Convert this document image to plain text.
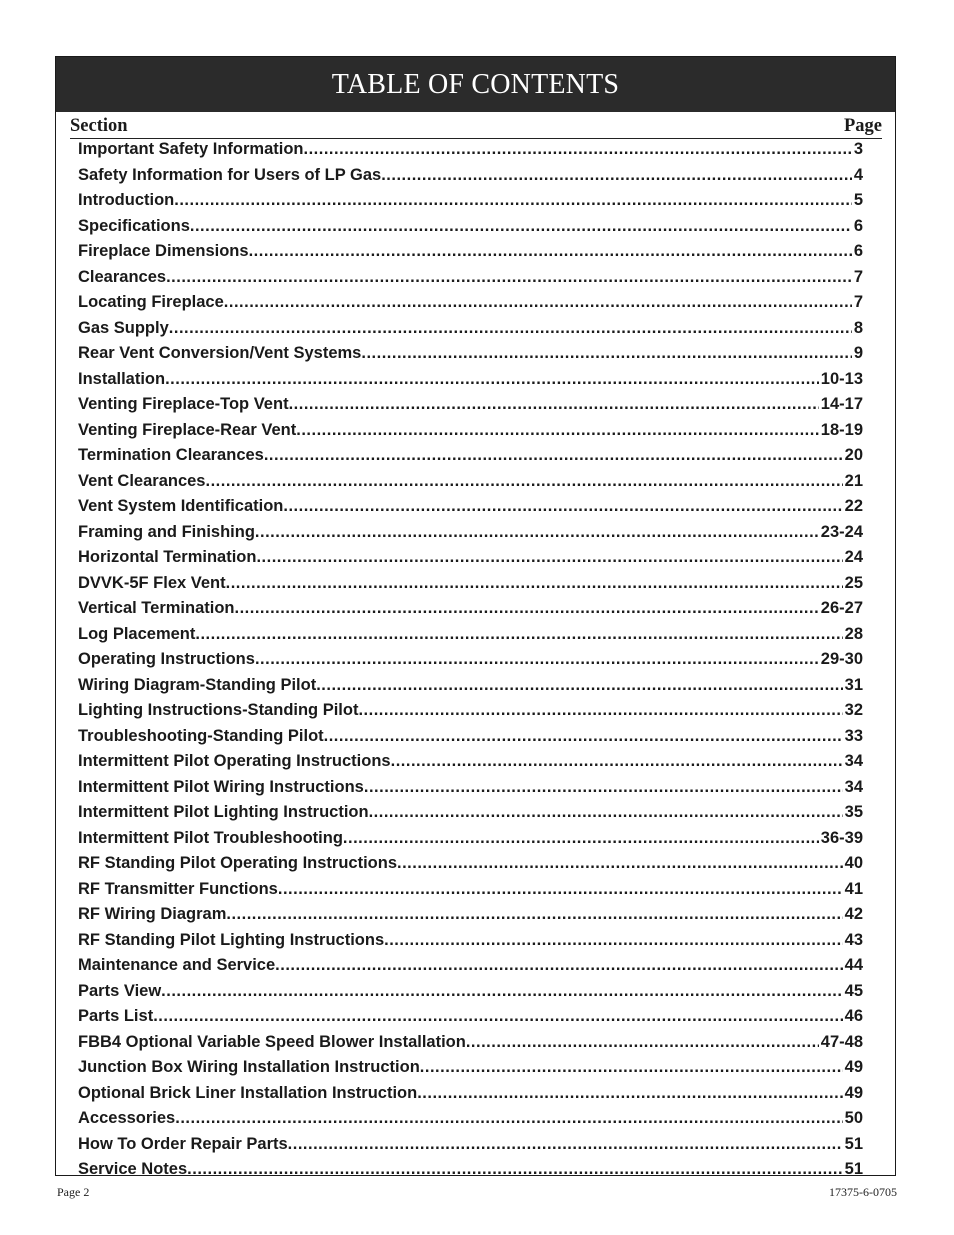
TABLE OF CONTENTS
Section	Page
Important Safety Information .....	3
Safety Information for Users of LP Gas .....	4
Introduction .....	5
Specifications .....	6
Fireplace Dimensions .....	6
Clearances .....	7
Locating Fireplace .....	7
Gas Supply .....	8
Rear Vent Conversion/Vent Systems .....	9
Installation .....	10-13
Venting Fireplace-Top Vent .....	14-17
Venting Fireplace-Rear Vent .....	18-19
Termination Clearances .....	20
Vent Clearances .....	21
Vent System Identification .....	22
Framing and Finishing .....	23-24
Horizontal Termination .....	24
DVVK-5F Flex Vent .....	25
Vertical Termination .....	26-27
Log Placement .....	28
Operating Instructions .....	29-30
Wiring Diagram-Standing Pilot .....	31
Lighting Instructions-Standing Pilot .....	32
Troubleshooting-Standing Pilot .....	33
Intermittent Pilot Operating Instructions .....	34
Intermittent Pilot Wiring Instructions .....	34
Intermittent Pilot Lighting Instruction .....	35
Intermittent Pilot Troubleshooting .....	36-39
RF Standing Pilot Operating Instructions .....	40
RF Transmitter Functions .....	41
RF Wiring Diagram .....	42
RF Standing Pilot Lighting Instructions .....	43
Maintenance and Service .....	44
Parts View .....	45
Parts List .....	46
FBB4 Optional Variable Speed Blower Installation .....	47-48
Junction Box Wiring Installation Instruction .....	49
Optional Brick Liner Installation Instruction .....	49
Accessories .....	50
How To Order Repair Parts .....	51
Service Notes .....	51
Page 2	17375-6-0705
